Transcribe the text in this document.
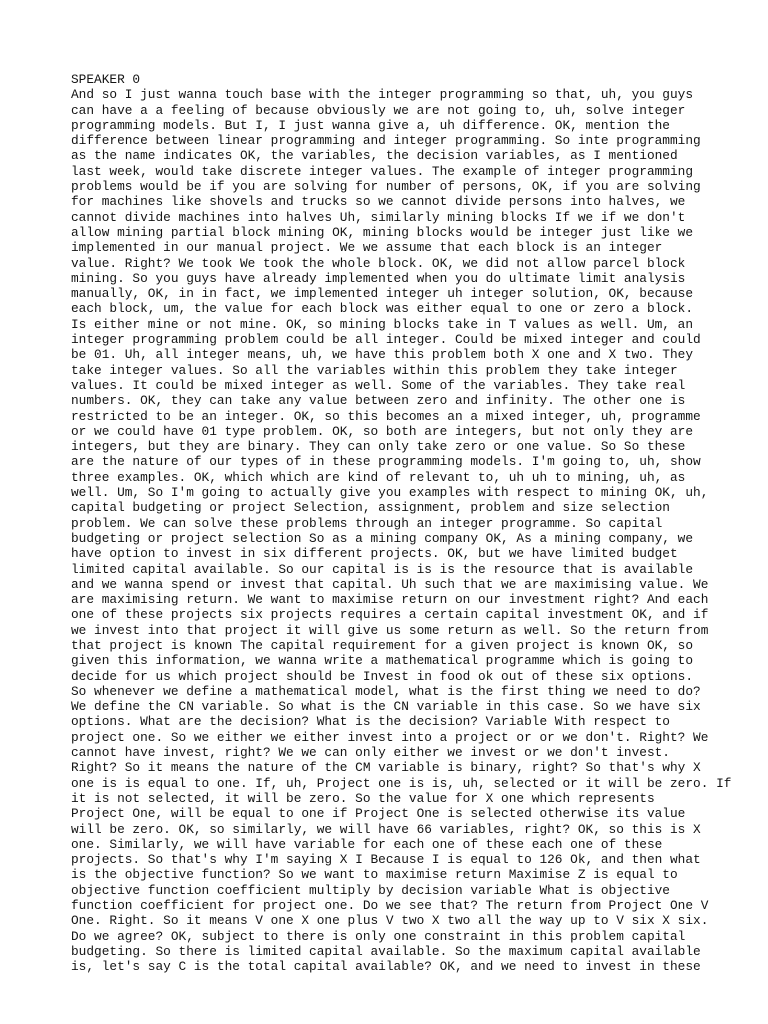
SPEAKER 0
And so I just wanna touch base with the integer programming so that, uh, you guys
can have a a feeling of because obviously we are not going to, uh, solve integer
programming models. But I, I just wanna give a, uh difference. OK, mention the
difference between linear programming and integer programming. So inte programming
as the name indicates OK, the variables, the decision variables, as I mentioned
last week, would take discrete integer values. The example of integer programming
problems would be if you are solving for number of persons, OK, if you are solving
for machines like shovels and trucks so we cannot divide persons into halves, we
cannot divide machines into halves Uh, similarly mining blocks If we if we don't
allow mining partial block mining OK, mining blocks would be integer just like we
implemented in our manual project. We we assume that each block is an integer
value. Right? We took We took the whole block. OK, we did not allow parcel block
mining. So you guys have already implemented when you do ultimate limit analysis
manually, OK, in in fact, we implemented integer uh integer solution, OK, because
each block, um, the value for each block was either equal to one or zero a block.
Is either mine or not mine. OK, so mining blocks take in T values as well. Um, an
integer programming problem could be all integer. Could be mixed integer and could
be 01. Uh, all integer means, uh, we have this problem both X one and X two. They
take integer values. So all the variables within this problem they take integer
values. It could be mixed integer as well. Some of the variables. They take real
numbers. OK, they can take any value between zero and infinity. The other one is
restricted to be an integer. OK, so this becomes an a mixed integer, uh, programme
or we could have 01 type problem. OK, so both are integers, but not only they are
integers, but they are binary. They can only take zero or one value. So So these
are the nature of our types of in these programming models. I'm going to, uh, show
three examples. OK, which which are kind of relevant to, uh uh to mining, uh, as
well. Um, So I'm going to actually give you examples with respect to mining OK, uh,
capital budgeting or project Selection, assignment, problem and size selection
problem. We can solve these problems through an integer programme. So capital
budgeting or project selection So as a mining company OK, As a mining company, we
have option to invest in six different projects. OK, but we have limited budget
limited capital available. So our capital is is is the resource that is available
and we wanna spend or invest that capital. Uh such that we are maximising value. We
are maximising return. We want to maximise return on our investment right? And each
one of these projects six projects requires a certain capital investment OK, and if
we invest into that project it will give us some return as well. So the return from
that project is known The capital requirement for a given project is known OK, so
given this information, we wanna write a mathematical programme which is going to
decide for us which project should be Invest in food ok out of these six options.
So whenever we define a mathematical model, what is the first thing we need to do?
We define the CN variable. So what is the CN variable in this case. So we have six
options. What are the decision? What is the decision? Variable With respect to
project one. So we either we either invest into a project or or we don't. Right? We
cannot have invest, right? We we can only either we invest or we don't invest.
Right? So it means the nature of the CM variable is binary, right? So that's why X
one is is equal to one. If, uh, Project one is is, uh, selected or it will be zero. If
it is not selected, it will be zero. So the value for X one which represents
Project One, will be equal to one if Project One is selected otherwise its value
will be zero. OK, so similarly, we will have 66 variables, right? OK, so this is X
one. Similarly, we will have variable for each one of these each one of these
projects. So that's why I'm saying X I Because I is equal to 126 Ok, and then what
is the objective function? So we want to maximise return Maximise Z is equal to
objective function coefficient multiply by decision variable What is objective
function coefficient for project one. Do we see that? The return from Project One V
One. Right. So it means V one X one plus V two X two all the way up to V six X six.
Do we agree? OK, subject to there is only one constraint in this problem capital
budgeting. So there is limited capital available. So the maximum capital available
is, let's say C is the total capital available? OK, and we need to invest in these
